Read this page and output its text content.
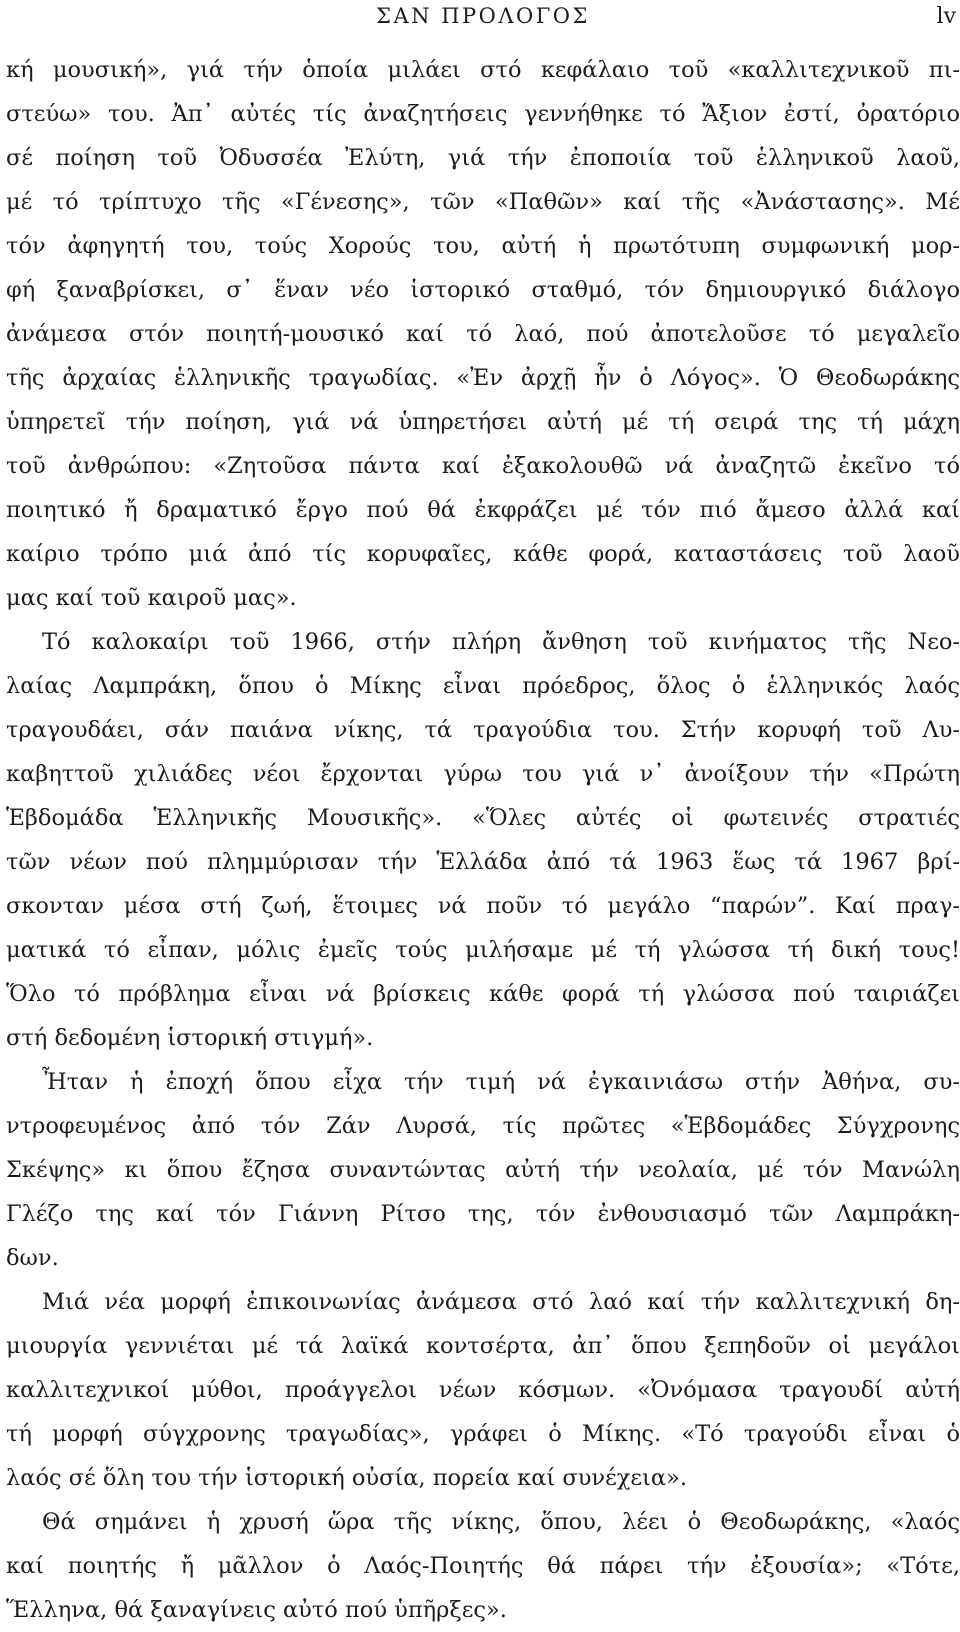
ΣΑΝ ΠΡΟΛΟΓΟΣ	lv
κή μουσική», γιά τήν ὁποία μιλάει στό κεφάλαιο τοῦ «καλλιτεχνικοῦ πι-
στεύω» του. Ἀπ᾽ αὐτές τίς ἀναζητήσεις γεννήθηκε τό Ἄξιον ἐστί, ὀρατόριο
σέ ποίηση τοῦ Ὀδυσσέα Ἐλύτη, γιά τήν ἐποποιία τοῦ ἑλληνικοῦ λαοῦ,
μέ τό τρίπτυχο τῆς «Γένεσης», τῶν «Παθῶν» καί τῆς «Ἀνάστασης». Μέ
τόν ἀφηγητή του, τούς Χορούς του, αὐτή ἡ πρωτότυπη συμφωνική μορ-
φή ξαναβρίσκει, σ᾽ ἕναν νέο ἱστορικό σταθμό, τόν δημιουργικό διάλογο
ἀνάμεσα στόν ποιητή-μουσικό καί τό λαό, πού ἀποτελοῦσε τό μεγαλεῖο
τῆς ἀρχαίας ἑλληνικῆς τραγωδίας. «Ἐν ἀρχῇ ἦν ὁ Λόγος». Ὁ Θεοδωράκης
ὑπηρετεῖ τήν ποίηση, γιά νά ὑπηρετήσει αὐτή μέ τή σειρά της τή μάχη
τοῦ ἀνθρώπου: «Ζητοῦσα πάντα καί ἐξακολουθῶ νά ἀναζητῶ ἐκεῖνο τό
ποιητικό ἤ δραματικό ἔργο πού θά ἐκφράζει μέ τόν πιό ἄμεσο ἀλλά καί
καίριο τρόπο μιά ἀπό τίς κορυφαῖες, κάθε φορά, καταστάσεις τοῦ λαοῦ
μας καί τοῦ καιροῦ μας».
Τό καλοκαίρι τοῦ 1966, στήν πλήρη ἄνθηση τοῦ κινήματος τῆς Νεο-
λαίας Λαμπράκη, ὅπου ὁ Μίκης εἶναι πρόεδρος, ὅλος ὁ ἑλληνικός λαός
τραγουδάει, σάν παιάνα νίκης, τά τραγούδια του. Στήν κορυφή τοῦ Λυ-
καβηττοῦ χιλιάδες νέοι ἔρχονται γύρω του γιά ν᾽ ἀνοίξουν τήν «Πρώτη
Ἑβδομάδα Ἑλληνικῆς Μουσικῆς». «Ὅλες αὐτές οἱ φωτεινές στρατιές
τῶν νέων πού πλημμύρισαν τήν Ἑλλάδα ἀπό τά 1963 ἕως τά 1967 βρί-
σκονταν μέσα στή ζωή, ἕτοιμες νά ποῦν τό μεγάλο “παρών”. Καί πραγ-
ματικά τό εἶπαν, μόλις ἐμεῖς τούς μιλήσαμε μέ τή γλώσσα τή δική τους!
Ὅλο τό πρόβλημα εἶναι νά βρίσκεις κάθε φορά τή γλώσσα πού ταιριάζει
στή δεδομένη ἱστορική στιγμή».
Ἦταν ἡ ἐποχή ὅπου εἶχα τήν τιμή νά ἐγκαινιάσω στήν Ἀθήνα, συ-
ντροφευμένος ἀπό τόν Ζάν Λυρσά, τίς πρῶτες «Ἑβδομάδες Σύγχρονης
Σκέψης» κι ὅπου ἔζησα συναντώντας αὐτή τήν νεολαία, μέ τόν Μανώλη
Γλέζο της καί τόν Γιάννη Ρίτσο της, τόν ἐνθουσιασμό τῶν Λαμπράκη-
δων.
Μιά νέα μορφή ἐπικοινωνίας ἀνάμεσα στό λαό καί τήν καλλιτεχνική δη-
μιουργία γεννιέται μέ τά λαϊκά κοντσέρτα, ἀπ᾽ ὅπου ξεπηδοῦν οἱ μεγάλοι
καλλιτεχνικοί μύθοι, προάγγελοι νέων κόσμων. «Ὀνόμασα τραγουδί αὐτή
τή μορφή σύγχρονης τραγωδίας», γράφει ὁ Μίκης. «Τό τραγούδι εἶναι ὁ
λαός σέ ὅλη του τήν ἱστορική οὐσία, πορεία καί συνέχεια».
Θά σημάνει ἡ χρυσή ὥρα τῆς νίκης, ὅπου, λέει ὁ Θεοδωράκης, «λαός
καί ποιητής ἤ μᾶλλον ὁ Λαός-Ποιητής θά πάρει τήν ἐξουσία»; «Τότε,
Ἕλληνα, θά ξαναγίνεις αὐτό πού ὑπῆρξες».
